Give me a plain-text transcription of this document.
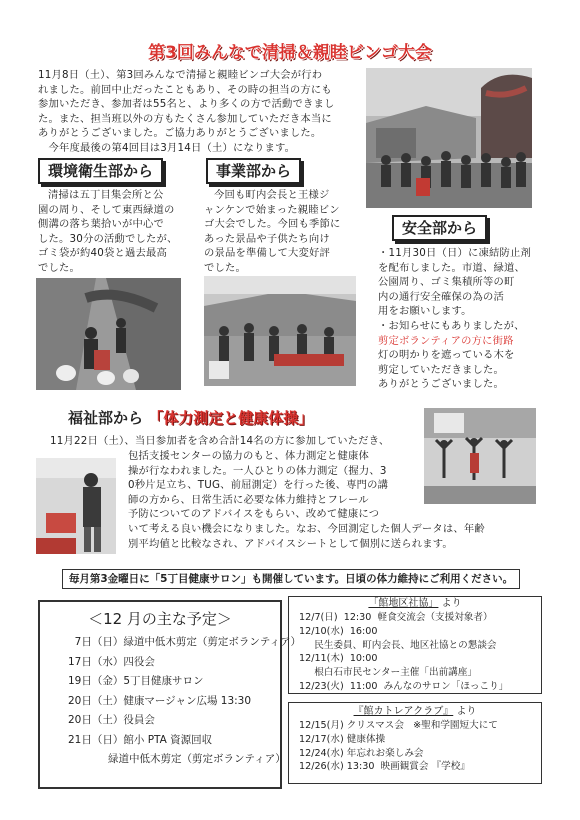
第3回みんなで清掃＆親睦ビンゴ大会
11月8日（土）、第3回みんなで清掃と親睦ビンゴ大会が行わ
れました。前回中止だったこともあり、その時の担当の方にも
参加いただき、参加者は55名と、より多くの方で活動できまし
た。また、担当班以外の方もたくさん参加していただき本当に
ありがとうございました。ご協力ありがとうございました。
　今年度最後の第4回目は3月14日（土）になります。
環境衛生部から
清掃は五丁目集会所と公
園の周り、そして東西緑道の
側溝の落ち葉拾いが中心で
した。30分の活動でしたが、
ゴミ袋が約40袋と過去最高
でした。
事業部から
今回も町内会長と王様ジ
ャンケンで始まった親睦ビン
ゴ大会でした。今回も季節に
あった景品や子供たち向け
の景品を準備して大変好評
でした。
安全部から
・11月30日（日）に凍結防止剤
を配布しました。市道、緑道、
公園周り、ゴミ集積所等の町
内の通行安全確保の為の活
用をお願いします。
・お知らせにもありましたが、
剪定ボランティアの方に街路
灯の明かりを遮っている木を
剪定していただきました。
ありがとうございました。
福祉部から 「体力測定と健康体操」
11月22日（土）、当日参加者を含め合計14名の方に参加していただき、
包括支援センターの協力のもと、体力測定と健康体
操が行なわれました。一人ひとりの体力測定（握力、3
0秒片足立ち、TUG、前屈測定）を行った後、専門の講
師の方から、日常生活に必要な体力維持とフレール
予防についてのアドバイスをもらい、改めて健康につ
いて考える良い機会になりました。なお、今回測定した個人データは、年齢
別平均値と比較なされ、アドバイスシートとして個別に送られます。
毎月第3金曜日に「5丁目健康サロン」も開催しています。日頃の体力維持にご利用ください。
＜12 月の主な予定＞
7日（日）緑道中低木剪定（剪定ボランティア）
17日（水）四役会
19日（金）5丁目健康サロン
20日（土）健康マージャン広場 13:30
20日（土）役員会
21日（日）館小 PTA 資源回収
緑道中低木剪定（剪定ボランティア）
「館地区社協」 より
12/7(日)  12:30  軽食交流会（支援対象者）
12/10(水)  16:00
民生委員、町内会長、地区社協との懇談会
12/11(木)  10:00
根白石市民センター主催「出前講座」
12/23(火)  11:00  みんなのサロン「ほっこり」
『館カトレアクラブ』 より
12/15(月) クリスマス会   ※聖和学園短大にて
12/17(水) 健康体操
12/24(水) 年忘れお楽しみ会
12/26(水) 13:30  映画観賞会 『学校』
